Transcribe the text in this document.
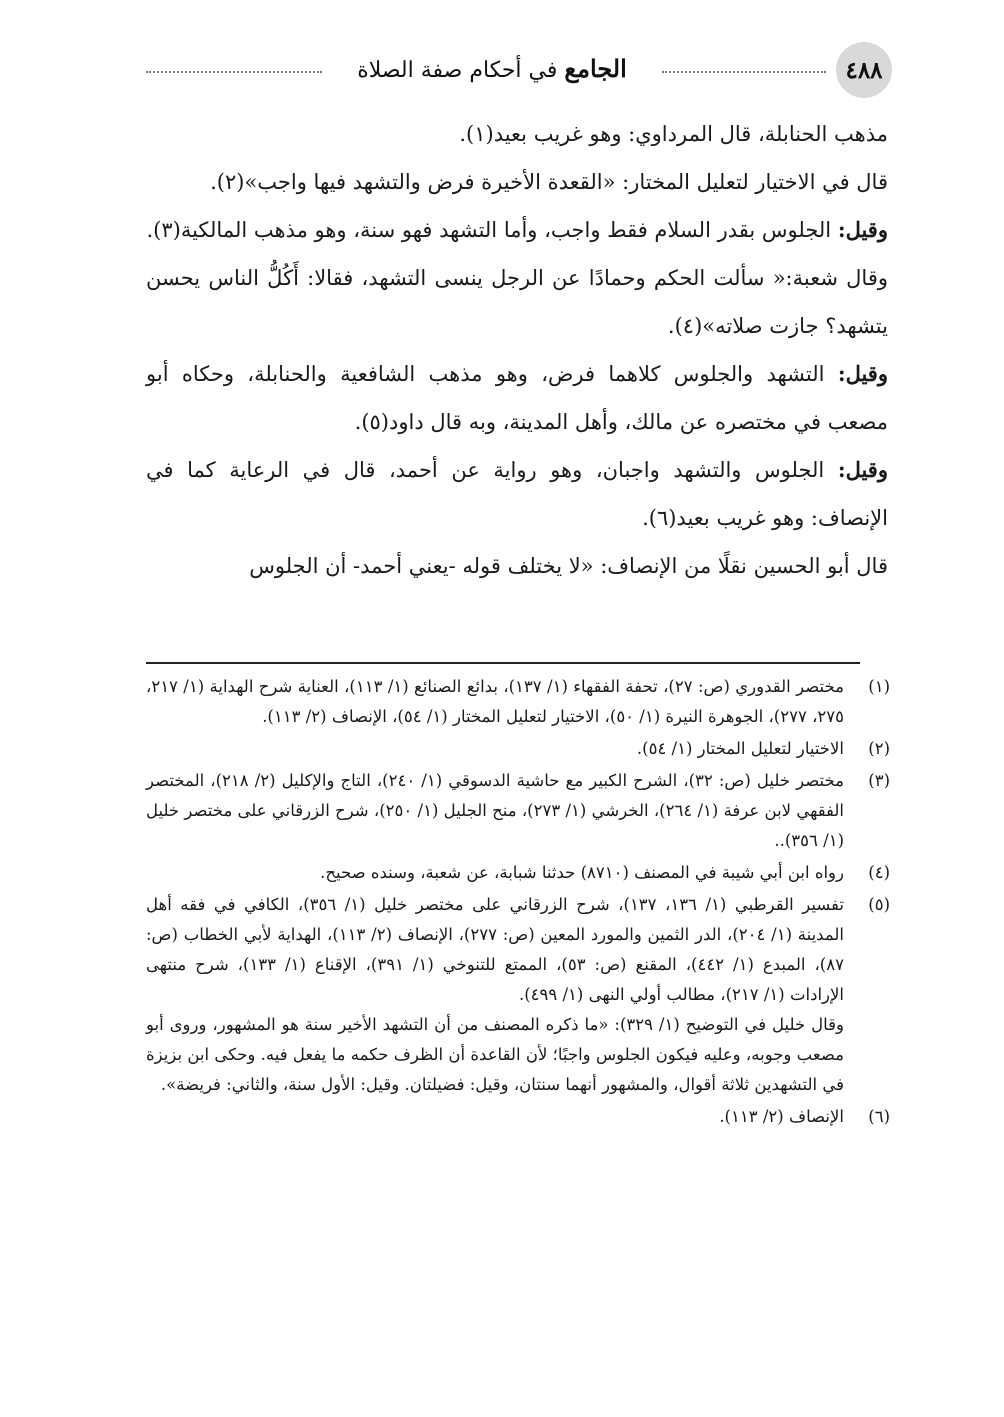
٤٨٨
الجامع في أحكام صفة الصلاة

مذهب الحنابلة، قال المرداوي: وهو غريب بعيد(١).

قال في الاختيار لتعليل المختار: «القعدة الأخيرة فرض والتشهد فيها واجب»(٢).

وقيل: الجلوس بقدر السلام فقط واجب، وأما التشهد فهو سنة، وهو مذهب المالكية(٣).

وقال شعبة:« سألت الحكم وحمادًا عن الرجل ينسى التشهد، فقالا: أَكُلُّ الناس يحسن يتشهد؟ جازت صلاته»(٤).

وقيل: التشهد والجلوس كلاهما فرض، وهو مذهب الشافعية والحنابلة، وحكاه أبو مصعب في مختصره عن مالك، وأهل المدينة، وبه قال داود(٥).

وقيل: الجلوس والتشهد واجبان، وهو رواية عن أحمد، قال في الرعاية كما في الإنصاف: وهو غريب بعيد(٦).

قال أبو الحسين نقلًا من الإنصاف: «لا يختلف قوله -يعني أحمد- أن الجلوس

(١)
مختصر القدوري (ص: ٢٧)، تحفة الفقهاء (١/ ١٣٧)، بدائع الصنائع (١/ ١١٣)، العناية شرح الهداية (١/ ٢١٧، ٢٧٥، ٢٧٧)، الجوهرة النيرة (١/ ٥٠)، الاختيار لتعليل المختار (١/ ٥٤)، الإنصاف (٢/ ١١٣).
(٢)
الاختيار لتعليل المختار (١/ ٥٤).
(٣)
مختصر خليل (ص: ٣٢)، الشرح الكبير مع حاشية الدسوقي (١/ ٢٤٠)، التاج والإكليل (٢/ ٢١٨)، المختصر الفقهي لابن عرفة (١/ ٢٦٤)، الخرشي (١/ ٢٧٣)، منح الجليل (١/ ٢٥٠)، شرح الزرقاني على مختصر خليل (١/ ٣٥٦)..
(٤)
رواه ابن أبي شيبة في المصنف (٨٧١٠) حدثنا شبابة، عن شعبة، وسنده صحيح.
(٥)
تفسير القرطبي (١/ ١٣٦، ١٣٧)، شرح الزرقاني على مختصر خليل (١/ ٣٥٦)، الكافي في فقه أهل المدينة (١/ ٢٠٤)، الدر الثمين والمورد المعين (ص: ٢٧٧)، الإنصاف (٢/ ١١٣)، الهداية لأبي الخطاب (ص: ٨٧)، المبدع (١/ ٤٤٢)، المقنع (ص: ٥٣)، الممتع للتنوخي (١/ ٣٩١)، الإقناع (١/ ١٣٣)، شرح منتهى الإرادات (١/ ٢١٧)، مطالب أولي النهى (١/ ٤٩٩).
وقال خليل في التوضيح (١/ ٣٢٩): «ما ذكره المصنف من أن التشهد الأخير سنة هو المشهور، وروى أبو مصعب وجوبه، وعليه فيكون الجلوس واجبًا؛ لأن القاعدة أن الظرف حكمه ما يفعل فيه. وحكى ابن بزيزة في التشهدين ثلاثة أقوال، والمشهور أنهما سنتان، وقيل: فضيلتان. وقيل: الأول سنة، والثاني: فريضة».
(٦)
الإنصاف (٢/ ١١٣).
